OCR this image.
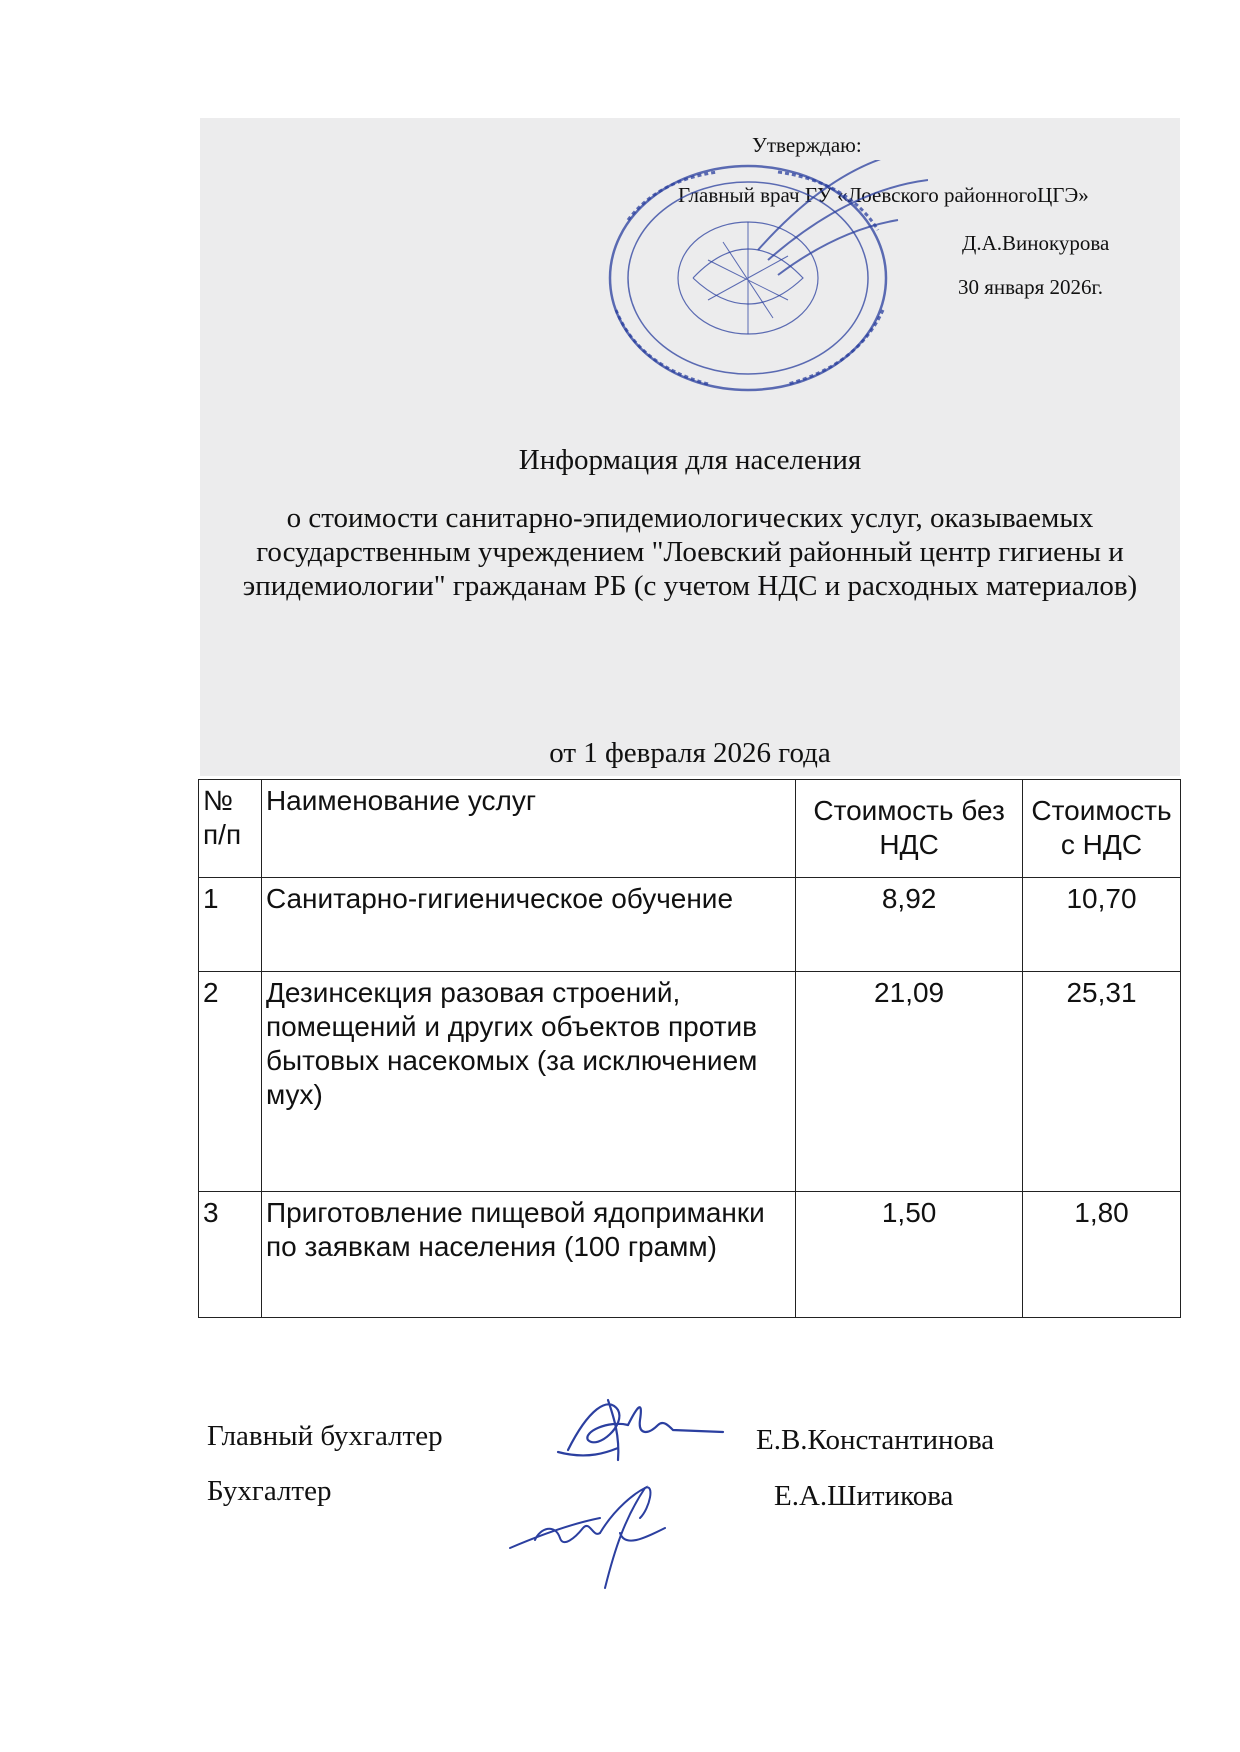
Утверждаю:
Главный врач ГУ «Лоевского районногоЦГЭ»
Д.А.Винокурова
30 января 2026г.
Информация для населения
о стоимости санитарно-эпидемиологических услуг, оказываемых государственным учреждением "Лоевский районный центр гигиены и эпидемиологии" гражданам РБ (с учетом НДС и расходных материалов)
от 1 февраля 2026 года
№ п/п	Наименование услуг	Стоимость без НДС	Стоимость с НДС
1	Санитарно-гигиеническое обучение	8,92	10,70
2	Дезинсекция разовая строений, помещений и других объектов против бытовых насекомых (за исключением мух)	21,09	25,31
3	Приготовление пищевой ядоприманки по заявкам населения (100 грамм)	1,50	1,80
Главный бухгалтер
Бухгалтер
Е.В.Константинова
Е.А.Шитикова
